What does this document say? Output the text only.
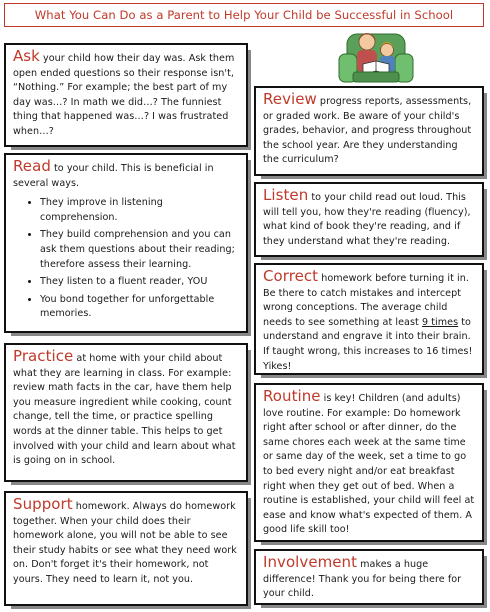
What You Can Do as a Parent to Help Your Child be Successful in School
Ask your child how their day was. Ask them open ended questions so their response isn't, “Nothing.” For example; the best part of my day was…? In math we did…? The funniest thing that happened was…? I was frustrated when…?
Review progress reports, assessments, or graded work. Be aware of your child's grades, behavior, and progress throughout the school year. Are they understanding the curriculum?
Read to your child. This is beneficial in several ways.
• They improve in listening comprehension.
• They build comprehension and you can ask them questions about their reading; therefore assess their learning.
• They listen to a fluent reader, YOU
• You bond together for unforgettable memories.
Listen to your child read out loud. This will tell you, how they're reading (fluency), what kind of book they're reading, and if they understand what they're reading.
Correct homework before turning it in. Be there to catch mistakes and intercept wrong conceptions. The average child needs to see something at least 9 times to understand and engrave it into their brain. If taught wrong, this increases to 16 times! Yikes!
Practice at home with your child about what they are learning in class. For example: review math facts in the car, have them help you measure ingredient while cooking, count change, tell the time, or practice spelling words at the dinner table. This helps to get involved with your child and learn about what is going on in school.
Routine is key! Children (and adults) love routine. For example: Do homework right after school or after dinner, do the same chores each week at the same time or same day of the week, set a time to go to bed every night and/or eat breakfast right when they get out of bed. When a routine is established, your child will feel at ease and know what's expected of them. A good life skill too!
Support homework. Always do homework together. When your child does their homework alone, you will not be able to see their study habits or see what they need work on. Don't forget it's their homework, not yours. They need to learn it, not you.
Involvement makes a huge difference! Thank you for being there for your child.
